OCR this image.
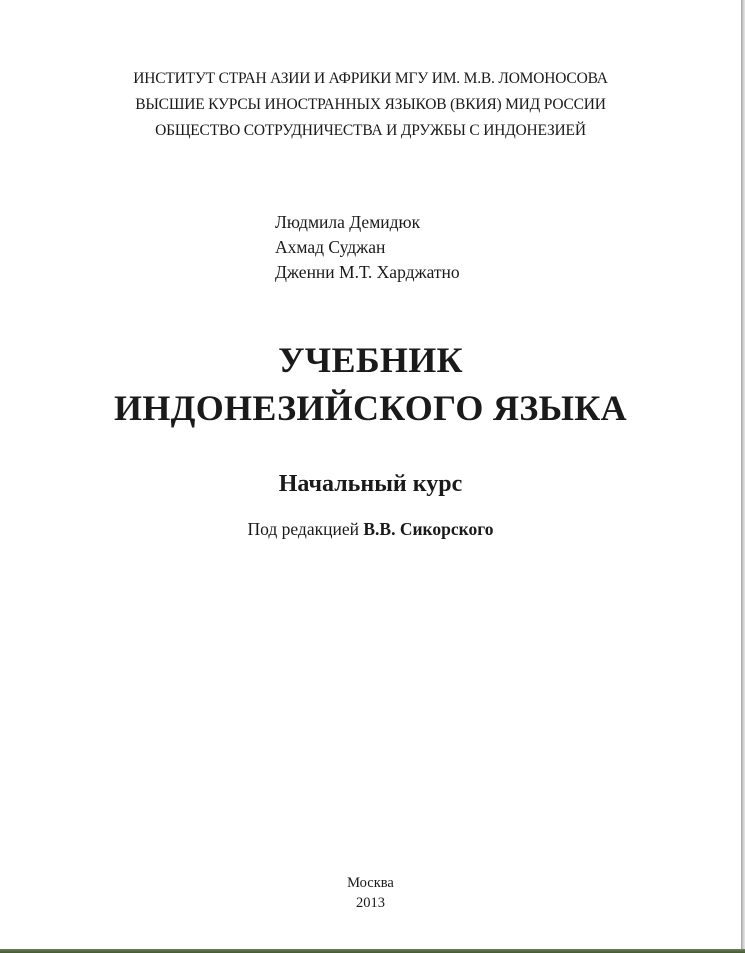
ИНСТИТУТ СТРАН АЗИИ И АФРИКИ МГУ ИМ. М.В. ЛОМОНОСОВА
ВЫСШИЕ КУРСЫ ИНОСТРАННЫХ ЯЗЫКОВ (ВКИЯ) МИД РОССИИ
ОБЩЕСТВО СОТРУДНИЧЕСТВА И ДРУЖБЫ С ИНДОНЕЗИЕЙ
Людмила Демидюк
Ахмад Суджан
Дженни М.Т. Харджатно
УЧЕБНИК
ИНДОНЕЗИЙСКОГО ЯЗЫКА
Начальный курс
Под редакцией В.В. Сикорского
Москва
2013
